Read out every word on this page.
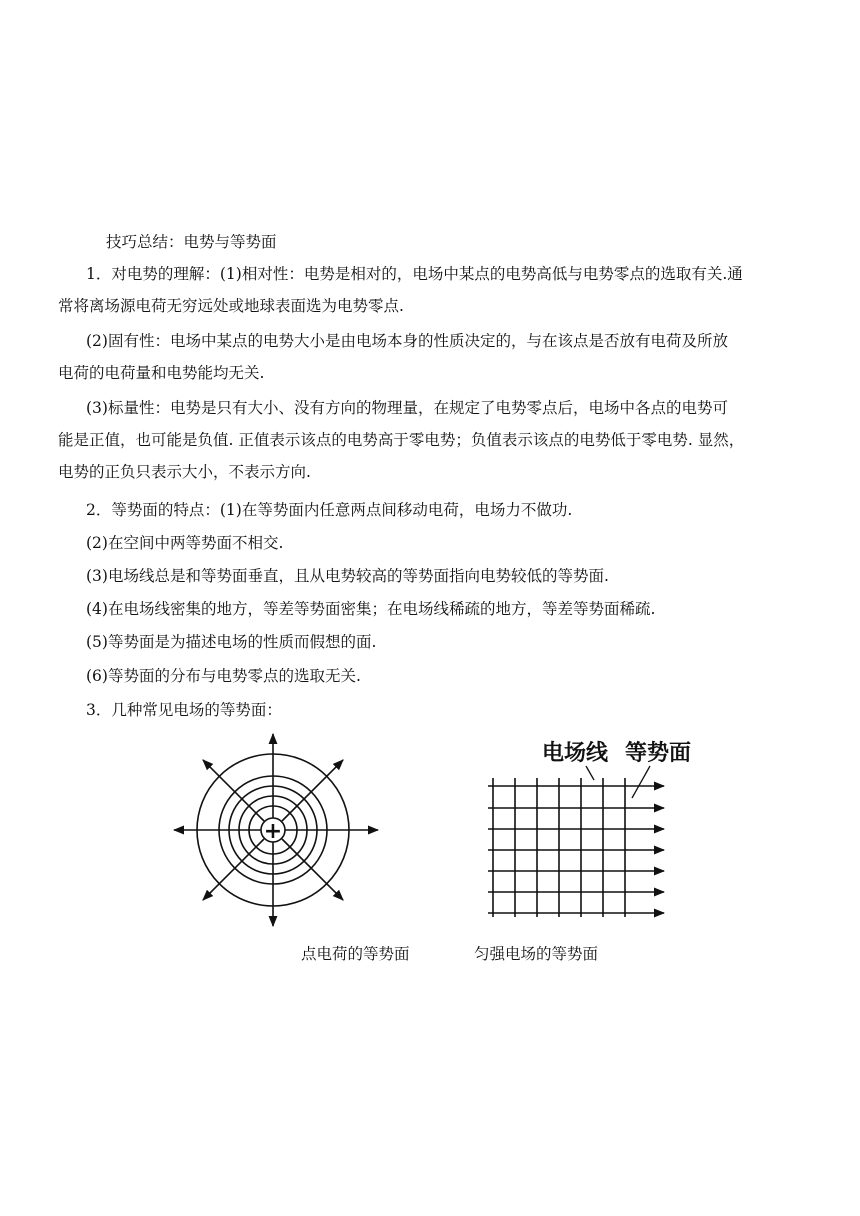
技巧总结：电势与等势面
1．对电势的理解：(1)相对性：电势是相对的，电场中某点的电势高低与电势零点的选取有关.通
常将离场源电荷无穷远处或地球表面选为电势零点.
(2)固有性：电场中某点的电势大小是由电场本身的性质决定的，与在该点是否放有电荷及所放
电荷的电荷量和电势能均无关.
(3)标量性：电势是只有大小、没有方向的物理量，在规定了电势零点后，电场中各点的电势可
能是正值，也可能是负值. 正值表示该点的电势高于零电势；负值表示该点的电势低于零电势. 显然，
电势的正负只表示大小，不表示方向.
2．等势面的特点：(1)在等势面内任意两点间移动电荷，电场力不做功.
(2)在空间中两等势面不相交.
(3)电场线总是和等势面垂直，且从电势较高的等势面指向电势较低的等势面.
(4)在电场线密集的地方，等差等势面密集；在电场线稀疏的地方，等差等势面稀疏.
(5)等势面是为描述电场的性质而假想的面.
(6)等势面的分布与电势零点的选取无关.
3．几种常见电场的等势面：
+
电场线 等势面
点电荷的等势面	匀强电场的等势面
